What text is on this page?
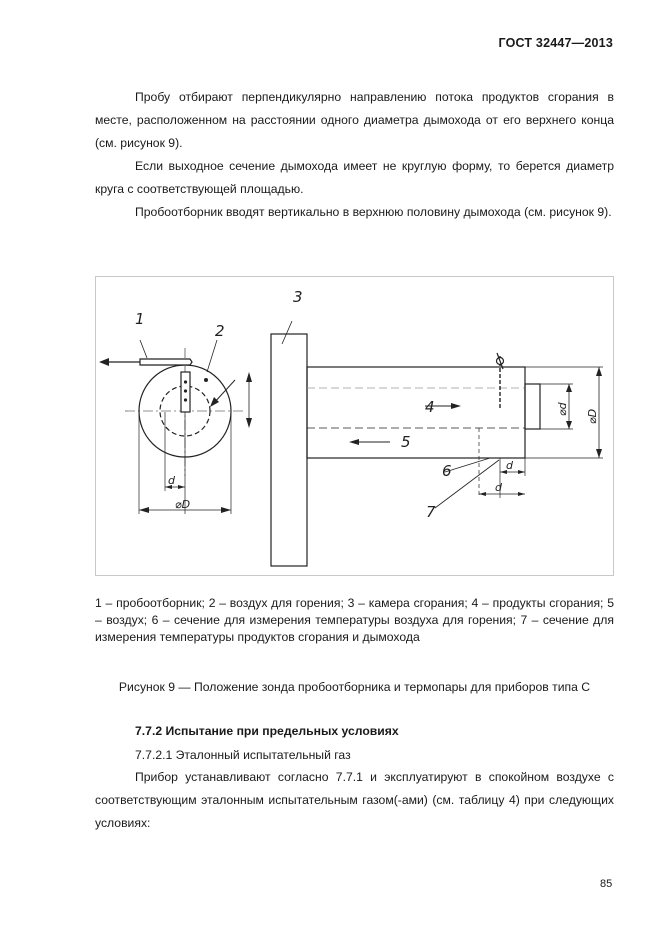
ГОСТ 32447—2013
Пробу отбирают перпендикулярно направлению потока продуктов сгорания в месте, расположенном на расстоянии одного диаметра дымохода от его верхнего конца (см. рисунок 9).
Если выходное сечение дымохода имеет не круглую форму, то берется диаметр круга с соответствующей площадью.
Пробоотборник вводят вертикально в верхнюю половину дымохода (см. рисунок 9).
1
2
3
4
5
6
7
⌀D
d
d
d
⌀d ⌀D
1 – пробоотборник; 2 – воздух для горения; 3 – камера сгорания; 4 – продукты сгорания; 5 – воздух; 6 – сечение для измерения температуры воздуха для горения; 7 – сечение для измерения температуры продуктов сгорания и дымохода
Рисунок 9 — Положение зонда пробоотборника и термопары для приборов типа С
7.7.2 Испытание при предельных условиях
7.7.2.1 Эталонный испытательный газ
Прибор устанавливают согласно 7.7.1 и эксплуатируют в спокойном воздухе с соответствующим эталонным испытательным газом(-ами) (см. таблицу 4) при следующих условиях:
85
